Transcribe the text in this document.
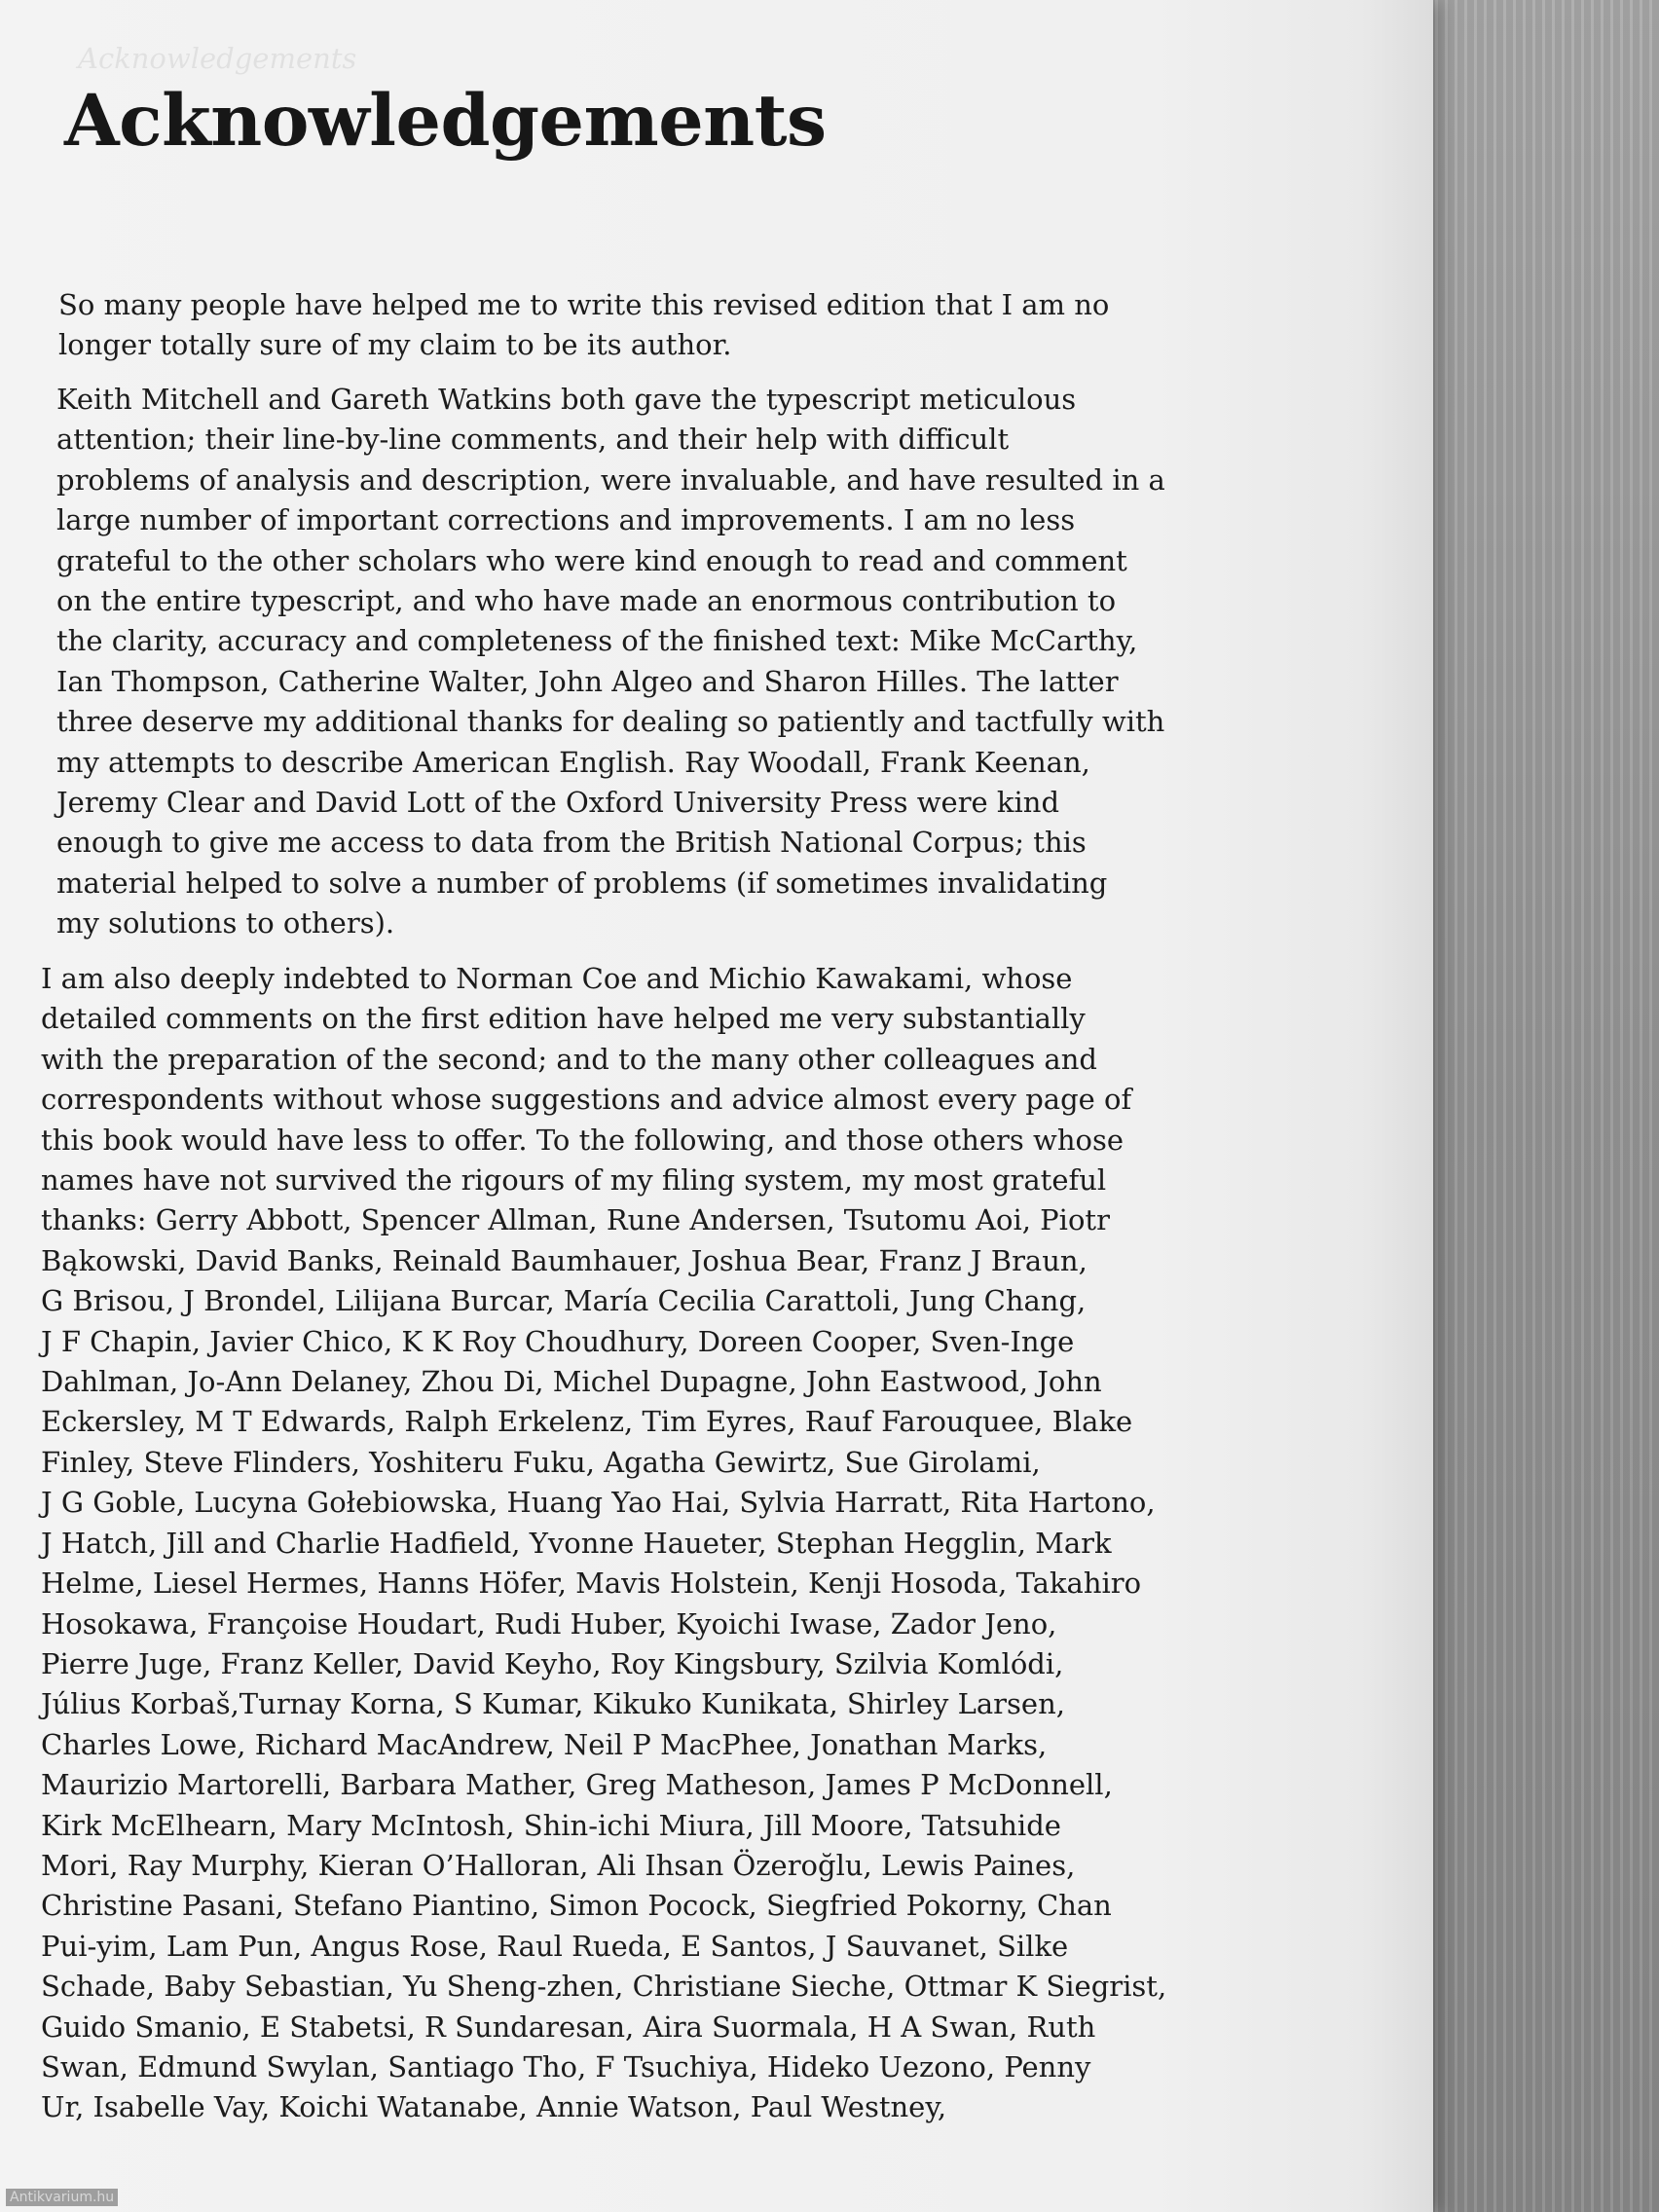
Acknowledgements
Acknowledgements

So many people have helped me to write this revised edition that I am no
longer totally sure of my claim to be its author.

Keith Mitchell and Gareth Watkins both gave the typescript meticulous
attention; their line-by-line comments, and their help with difficult
problems of analysis and description, were invaluable, and have resulted in a
large number of important corrections and improvements. I am no less
grateful to the other scholars who were kind enough to read and comment
on the entire typescript, and who have made an enormous contribution to
the clarity, accuracy and completeness of the finished text: Mike McCarthy,
Ian Thompson, Catherine Walter, John Algeo and Sharon Hilles. The latter
three deserve my additional thanks for dealing so patiently and tactfully with
my attempts to describe American English. Ray Woodall, Frank Keenan,
Jeremy Clear and David Lott of the Oxford University Press were kind
enough to give me access to data from the British National Corpus; this
material helped to solve a number of problems (if sometimes invalidating
my solutions to others).

I am also deeply indebted to Norman Coe and Michio Kawakami, whose
detailed comments on the first edition have helped me very substantially
with the preparation of the second; and to the many other colleagues and
correspondents without whose suggestions and advice almost every page of
this book would have less to offer. To the following, and those others whose
names have not survived the rigours of my filing system, my most grateful
thanks: Gerry Abbott, Spencer Allman, Rune Andersen, Tsutomu Aoi, Piotr
Bąkowski, David Banks, Reinald Baumhauer, Joshua Bear, Franz J Braun,
G Brisou, J Brondel, Lilijana Burcar, María Cecilia Carattoli, Jung Chang,
J F Chapin, Javier Chico, K K Roy Choudhury, Doreen Cooper, Sven-Inge
Dahlman, Jo-Ann Delaney, Zhou Di, Michel Dupagne, John Eastwood, John
Eckersley, M T Edwards, Ralph Erkelenz, Tim Eyres, Rauf Farouquee, Blake
Finley, Steve Flinders, Yoshiteru Fuku, Agatha Gewirtz, Sue Girolami,
J G Goble, Lucyna Gołebiowska, Huang Yao Hai, Sylvia Harratt, Rita Hartono,
J Hatch, Jill and Charlie Hadfield, Yvonne Haueter, Stephan Hegglin, Mark
Helme, Liesel Hermes, Hanns Höfer, Mavis Holstein, Kenji Hosoda, Takahiro
Hosokawa, Françoise Houdart, Rudi Huber, Kyoichi Iwase, Zador Jeno,
Pierre Juge, Franz Keller, David Keyho, Roy Kingsbury, Szilvia Komlódi,
Július Korbaš,Turnay Korna, S Kumar, Kikuko Kunikata, Shirley Larsen,
Charles Lowe, Richard MacAndrew, Neil P MacPhee, Jonathan Marks,
Maurizio Martorelli, Barbara Mather, Greg Matheson, James P McDonnell,
Kirk McElhearn, Mary McIntosh, Shin-ichi Miura, Jill Moore, Tatsuhide
Mori, Ray Murphy, Kieran O’Halloran, Ali Ihsan Özeroğlu, Lewis Paines,
Christine Pasani, Stefano Piantino, Simon Pocock, Siegfried Pokorny, Chan
Pui-yim, Lam Pun, Angus Rose, Raul Rueda, E Santos, J Sauvanet, Silke
Schade, Baby Sebastian, Yu Sheng-zhen, Christiane Sieche, Ottmar K Siegrist,
Guido Smanio, E Stabetsi, R Sundaresan, Aira Suormala, H A Swan, Ruth
Swan, Edmund Swylan, Santiago Tho, F Tsuchiya, Hideko Uezono, Penny
Ur, Isabelle Vay, Koichi Watanabe, Annie Watson, Paul Westney,

Antikvarium.hu
